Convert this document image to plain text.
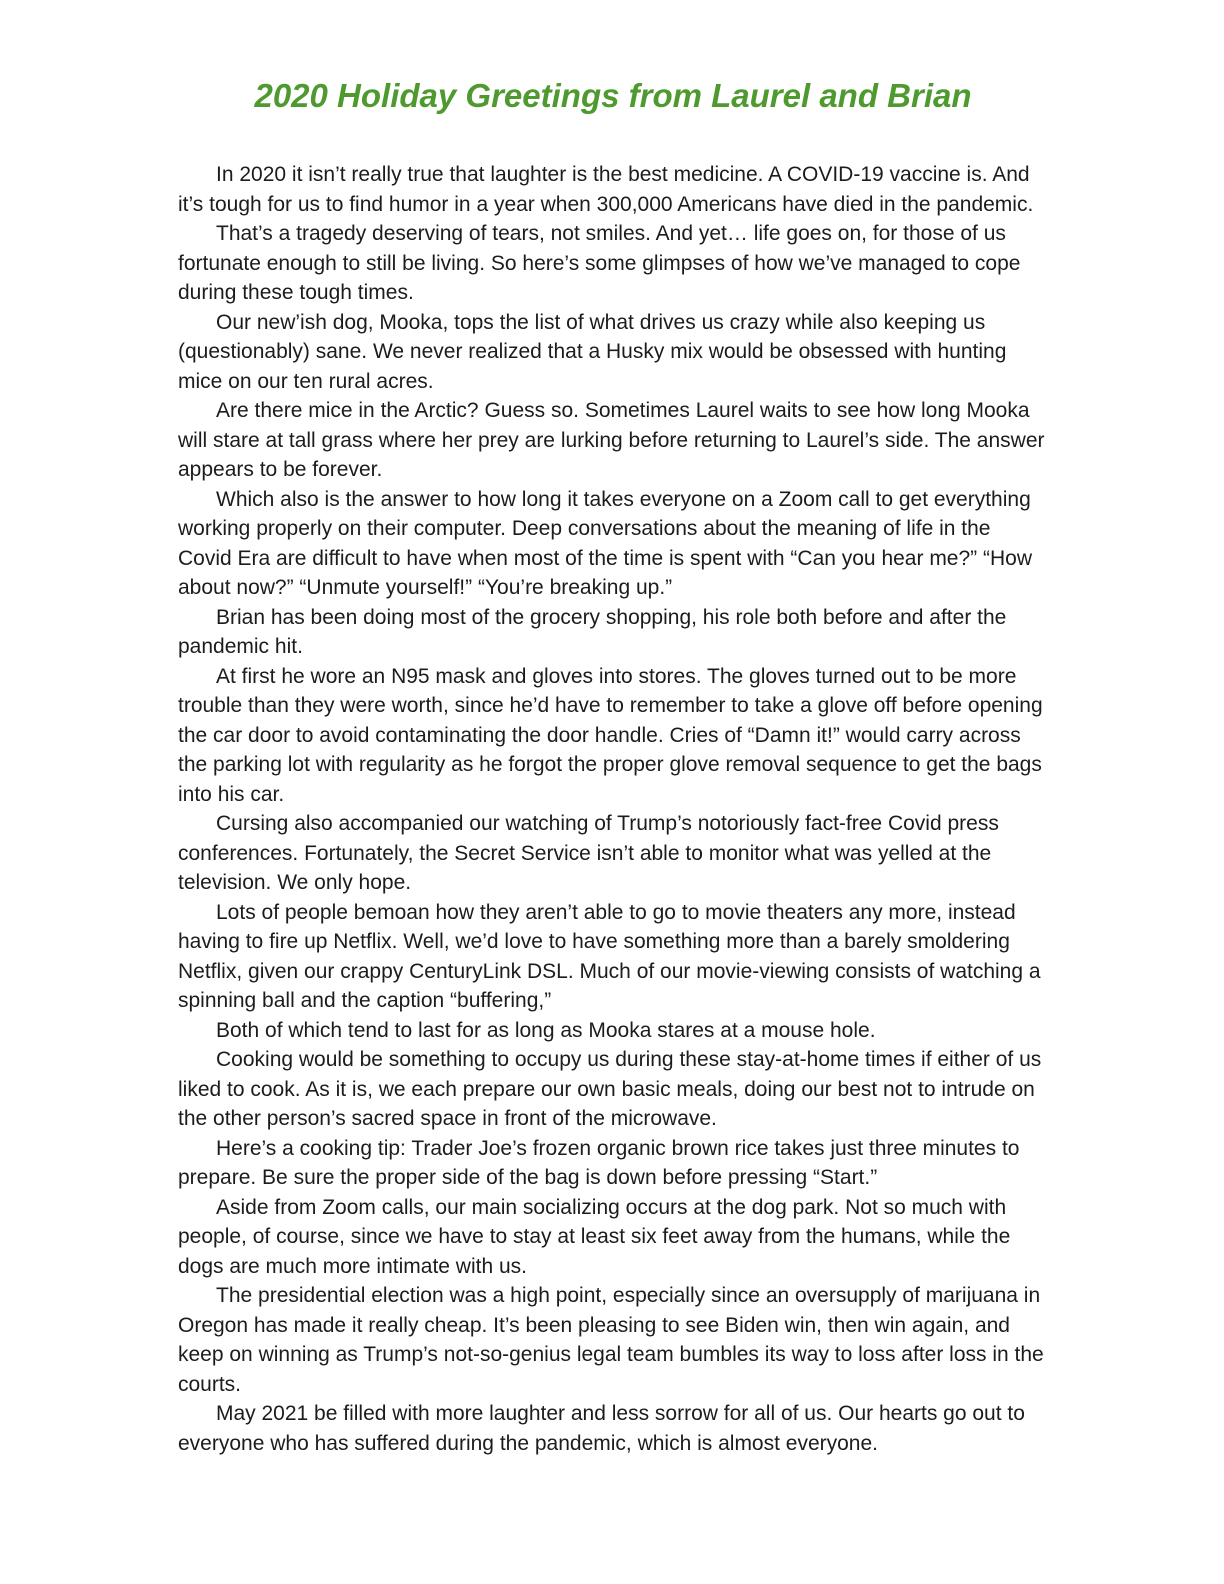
2020 Holiday Greetings from Laurel and Brian

In 2020 it isn’t really true that laughter is the best medicine. A COVID-19 vaccine is. And it’s tough for us to find humor in a year when 300,000 Americans have died in the pandemic.

That’s a tragedy deserving of tears, not smiles. And yet… life goes on, for those of us fortunate enough to still be living. So here’s some glimpses of how we’ve managed to cope during these tough times.

Our new’ish dog, Mooka, tops the list of what drives us crazy while also keeping us (questionably) sane. We never realized that a Husky mix would be obsessed with hunting mice on our ten rural acres.

Are there mice in the Arctic? Guess so. Sometimes Laurel waits to see how long Mooka will stare at tall grass where her prey are lurking before returning to Laurel’s side. The answer appears to be forever.

Which also is the answer to how long it takes everyone on a Zoom call to get everything working properly on their computer. Deep conversations about the meaning of life in the Covid Era are difficult to have when most of the time is spent with “Can you hear me?” “How about now?” “Unmute yourself!” “You’re breaking up.”

Brian has been doing most of the grocery shopping, his role both before and after the pandemic hit.

At first he wore an N95 mask and gloves into stores. The gloves turned out to be more trouble than they were worth, since he’d have to remember to take a glove off before opening the car door to avoid contaminating the door handle. Cries of “Damn it!” would carry across the parking lot with regularity as he forgot the proper glove removal sequence to get the bags into his car.

Cursing also accompanied our watching of Trump’s notoriously fact-free Covid press conferences. Fortunately, the Secret Service isn’t able to monitor what was yelled at the television. We only hope.

Lots of people bemoan how they aren’t able to go to movie theaters any more, instead having to fire up Netflix. Well, we’d love to have something more than a barely smoldering Netflix, given our crappy CenturyLink DSL. Much of our movie-viewing consists of watching a spinning ball and the caption “buffering,”

Both of which tend to last for as long as Mooka stares at a mouse hole.

Cooking would be something to occupy us during these stay-at-home times if either of us liked to cook. As it is, we each prepare our own basic meals, doing our best not to intrude on the other person’s sacred space in front of the microwave.

Here’s a cooking tip: Trader Joe’s frozen organic brown rice takes just three minutes to prepare. Be sure the proper side of the bag is down before pressing “Start.”

Aside from Zoom calls, our main socializing occurs at the dog park. Not so much with people, of course, since we have to stay at least six feet away from the humans, while the dogs are much more intimate with us.

The presidential election was a high point, especially since an oversupply of marijuana in Oregon has made it really cheap. It’s been pleasing to see Biden win, then win again, and keep on winning as Trump’s not-so-genius legal team bumbles its way to loss after loss in the courts.

May 2021 be filled with more laughter and less sorrow for all of us. Our hearts go out to everyone who has suffered during the pandemic, which is almost everyone.
